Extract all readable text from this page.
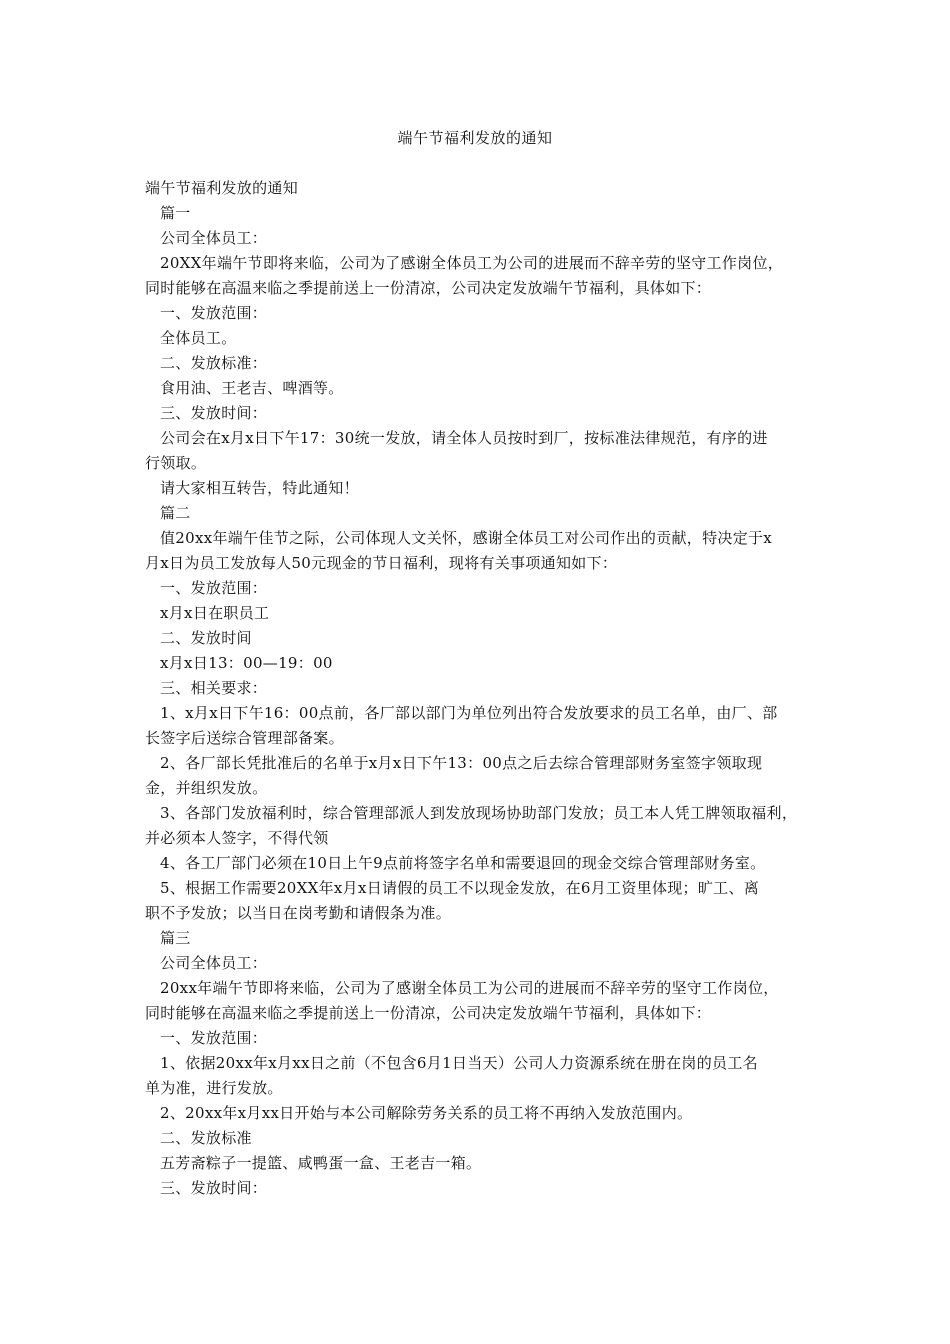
端午节福利发放的通知
端午节福利发放的通知
篇一
公司全体员工：
20XX年端午节即将来临，公司为了感谢全体员工为公司的进展而不辞辛劳的坚守工作岗位，
同时能够在高温来临之季提前送上一份清凉，公司决定发放端午节福利，具体如下：
一、发放范围：
全体员工。
二、发放标准：
食用油、王老吉、啤酒等。
三、发放时间：
公司会在x月x日下午17：30统一发放，请全体人员按时到厂，按标准法律规范，有序的进
行领取。
请大家相互转告，特此通知！
篇二
值20xx年端午佳节之际，公司体现人文关怀，感谢全体员工对公司作出的贡献，特决定于x
月x日为员工发放每人50元现金的节日福利，现将有关事项通知如下：
一、发放范围：
x月x日在职员工
二、发放时间
x月x日13：00—19：00
三、相关要求：
1、x月x日下午16：00点前，各厂部以部门为单位列出符合发放要求的员工名单，由厂、部
长签字后送综合管理部备案。
2、各厂部长凭批准后的名单于x月x日下午13：00点之后去综合管理部财务室签字领取现
金，并组织发放。
3、各部门发放福利时，综合管理部派人到发放现场协助部门发放；员工本人凭工牌领取福利，
并必须本人签字，不得代领
4、各工厂部门必须在10日上午9点前将签字名单和需要退回的现金交综合管理部财务室。
5、根据工作需要20XX年x月x日请假的员工不以现金发放，在6月工资里体现；旷工、离
职不予发放；以当日在岗考勤和请假条为准。
篇三
公司全体员工：
20xx年端午节即将来临，公司为了感谢全体员工为公司的进展而不辞辛劳的坚守工作岗位，
同时能够在高温来临之季提前送上一份清凉，公司决定发放端午节福利，具体如下：
一、发放范围：
1、依据20xx年x月xx日之前（不包含6月1日当天）公司人力资源系统在册在岗的员工名
单为准，进行发放。
2、20xx年x月xx日开始与本公司解除劳务关系的员工将不再纳入发放范围内。
二、发放标准
五芳斋粽子一提篮、咸鸭蛋一盒、王老吉一箱。
三、发放时间：
